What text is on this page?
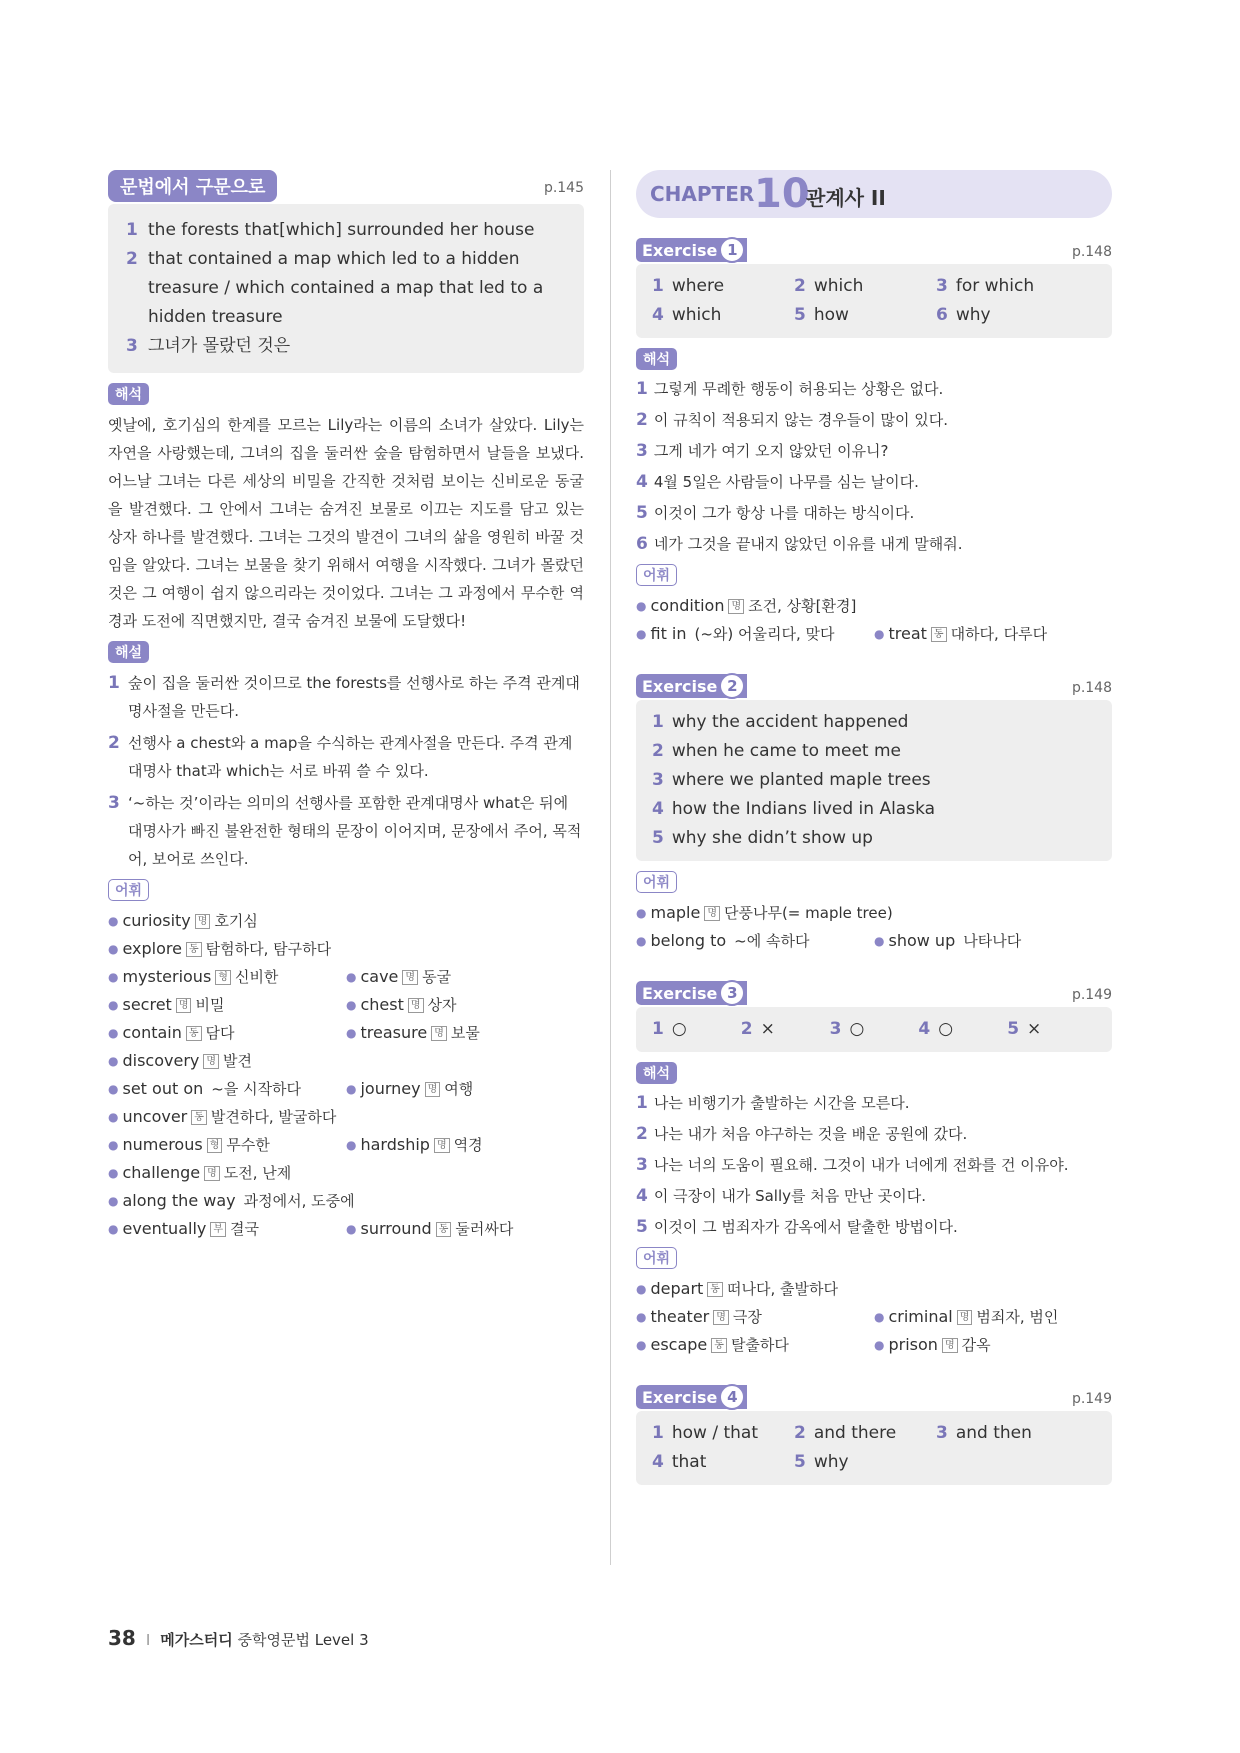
문법에서 구문으로	p.145
1 the forests that[which] surrounded her house
2 that contained a map which led to a hidden treasure / which contained a map that led to a hidden treasure
3 그녀가 몰랐던 것은
해석
옛날에, 호기심의 한계를 모르는 Lily라는 이름의 소녀가 살았다. Lily는 자연을 사랑했는데, 그녀의 집을 둘러싼 숲을 탐험하면서 날들을 보냈다. 어느날 그녀는 다른 세상의 비밀을 간직한 것처럼 보이는 신비로운 동굴을 발견했다. 그 안에서 그녀는 숨겨진 보물로 이끄는 지도를 담고 있는 상자 하나를 발견했다. 그녀는 그것의 발견이 그녀의 삶을 영원히 바꿀 것임을 알았다. 그녀는 보물을 찾기 위해서 여행을 시작했다. 그녀가 몰랐던 것은 그 여행이 쉽지 않으리라는 것이었다. 그녀는 그 과정에서 무수한 역경과 도전에 직면했지만, 결국 숨겨진 보물에 도달했다!
해설
1 숲이 집을 둘러싼 것이므로 the forests를 선행사로 하는 주격 관계대명사절을 만든다.
2 선행사 a chest와 a map을 수식하는 관계사절을 만든다. 주격 관계대명사 that과 which는 서로 바꿔 쓸 수 있다.
3 ‘~하는 것’이라는 의미의 선행사를 포함한 관계대명사 what은 뒤에 대명사가 빠진 불완전한 형태의 문장이 이어지며, 문장에서 주어, 목적어, 보어로 쓰인다.
어휘
● curiosity 명 호기심
● explore 동 탐험하다, 탐구하다
● mysterious 형 신비한	● cave 명 동굴
● secret 명 비밀	● chest 명 상자
● contain 동 담다	● treasure 명 보물
● discovery 명 발견
● set out on ~을 시작하다	● journey 명 여행
● uncover 동 발견하다, 발굴하다
● numerous 형 무수한	● hardship 명 역경
● challenge 명 도전, 난제
● along the way 과정에서, 도중에
● eventually 부 결국	● surround 동 둘러싸다
CHAPTER 10
관계사 II
Exercise 1	p.148
1 where	2 which	3 for which
4 which	5 how	6 why
해석
1 그렇게 무례한 행동이 허용되는 상황은 없다.
2 이 규칙이 적용되지 않는 경우들이 많이 있다.
3 그게 네가 여기 오지 않았던 이유니?
4 4월 5일은 사람들이 나무를 심는 날이다.
5 이것이 그가 항상 나를 대하는 방식이다.
6 네가 그것을 끝내지 않았던 이유를 내게 말해줘.
어휘
● condition 명 조건, 상황[환경]
● fit in (~와) 어울리다, 맞다	● treat 동 대하다, 다루다
Exercise 2	p.148
1 why the accident happened
2 when he came to meet me
3 where we planted maple trees
4 how the Indians lived in Alaska
5 why she didn’t show up
어휘
● maple 명 단풍나무(= maple tree)
● belong to ~에 속하다	● show up 나타나다
Exercise 3	p.149
1 ○	2 ×	3 ○	4 ○	5 ×
해석
1 나는 비행기가 출발하는 시간을 모른다.
2 나는 내가 처음 야구하는 것을 배운 공원에 갔다.
3 나는 너의 도움이 필요해. 그것이 내가 너에게 전화를 건 이유야.
4 이 극장이 내가 Sally를 처음 만난 곳이다.
5 이것이 그 범죄자가 감옥에서 탈출한 방법이다.
어휘
● depart 동 떠나다, 출발하다
● theater 명 극장	● criminal 명 범죄자, 범인
● escape 동 탈출하다	● prison 명 감옥
Exercise 4	p.149
1 how / that	2 and there	3 and then
4 that	5 why
38 I 메가스터디 중학영문법 Level 3
